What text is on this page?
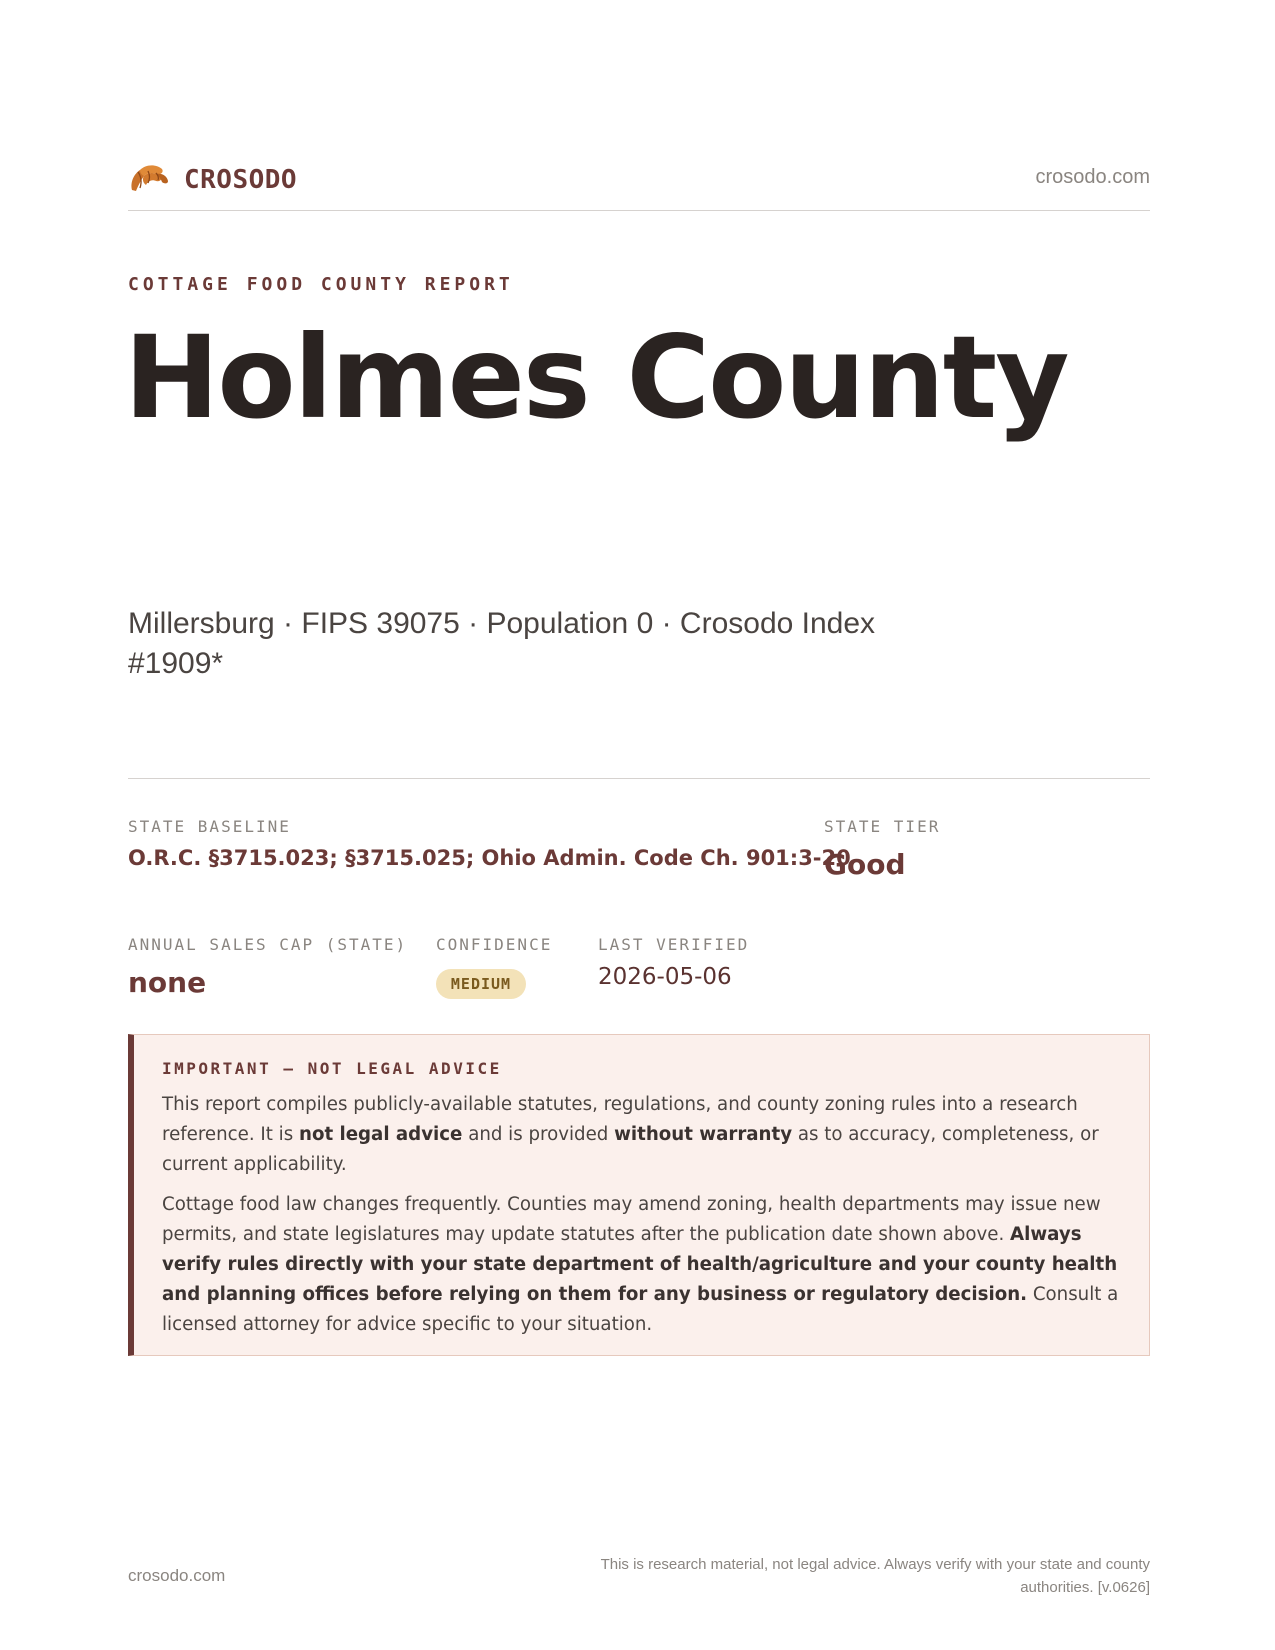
CROSODO	crosodo.com
COTTAGE FOOD COUNTY REPORT
Holmes County
Millersburg · FIPS 39075 · Population 0 · Crosodo Index #1909*
STATE BASELINE
O.R.C. §3715.023; §3715.025; Ohio Admin. Code Ch. 901:3-20
STATE TIER
Good
ANNUAL SALES CAP (STATE)
none
CONFIDENCE
MEDIUM
LAST VERIFIED
2026-05-06
IMPORTANT — NOT LEGAL ADVICE

This report compiles publicly-available statutes, regulations, and county zoning rules into a research reference. It is not legal advice and is provided without warranty as to accuracy, completeness, or current applicability.

Cottage food law changes frequently. Counties may amend zoning, health departments may issue new permits, and state legislatures may update statutes after the publication date shown above. Always verify rules directly with your state department of health/agriculture and your county health and planning offices before relying on them for any business or regulatory decision. Consult a licensed attorney for advice specific to your situation.

crosodo.com
This is research material, not legal advice. Always verify with your state and county authorities. [v.0626]
